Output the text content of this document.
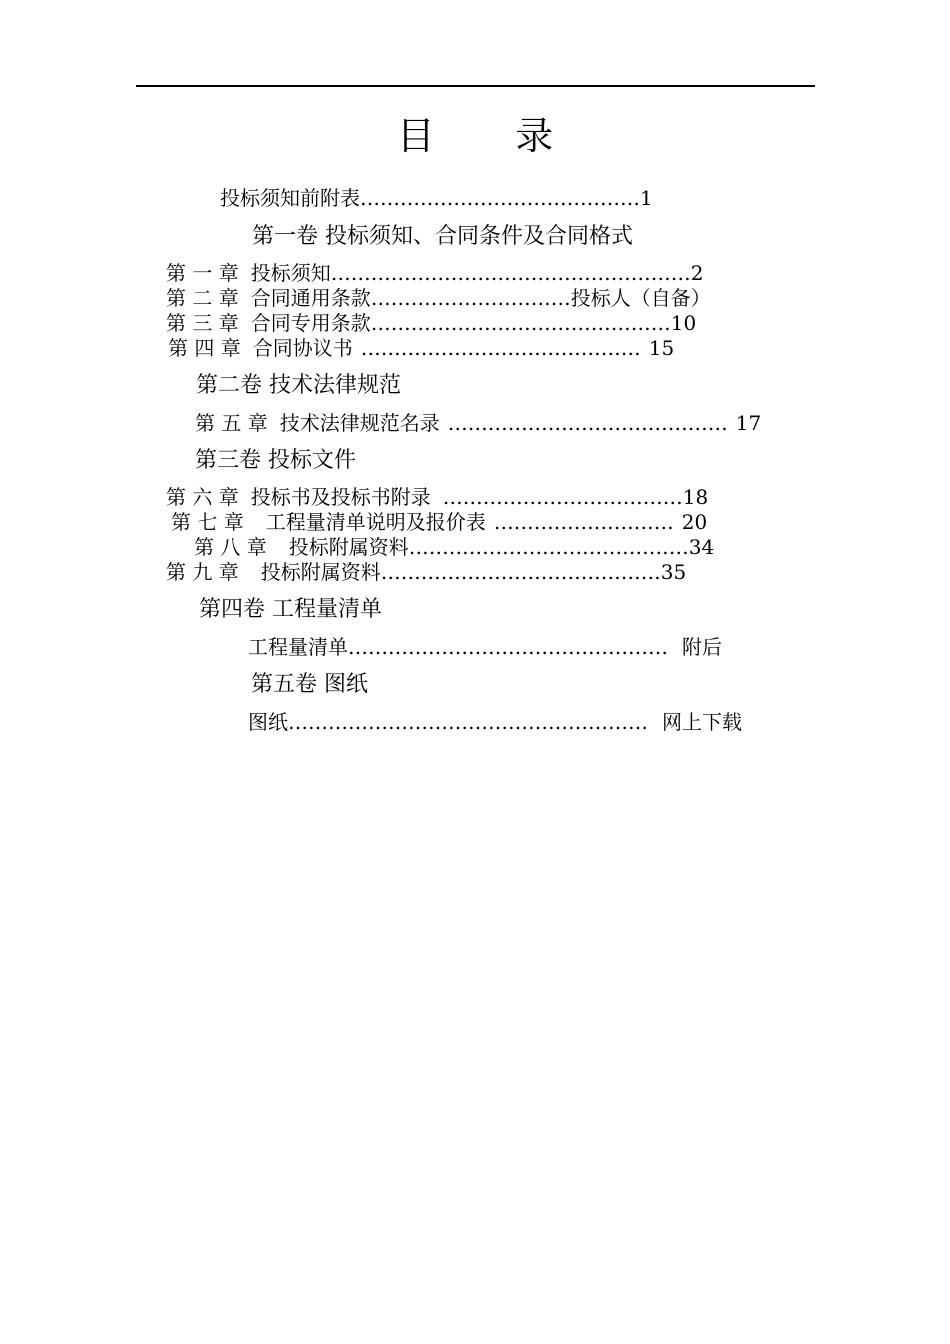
目 录
投标须知前附表……………………………………1
第一卷 投标须知、合同条件及合同格式
第 一 章 投标须知………………………………………………2
第 二 章 合同通用条款…………………………投标人（自备）
第 三 章 合同专用条款………………………………………10
第 四 章 合同协议书 …………………………………… 15
第二卷 技术法律规范
第 五 章 技术法律规范名录 …………………………………… 17
第三卷 投标文件
第 六 章 投标书及投标书附录 ………………………………18
第 七 章 工程量清单说明及报价表 ……………………… 20
第 八 章 投标附属资料……………………………………34
第 九 章 投标附属资料……………………………………35
第四卷 工程量清单
工程量清单………………………………………… 附后
第五卷 图纸
图纸……………………………………………… 网上下载
